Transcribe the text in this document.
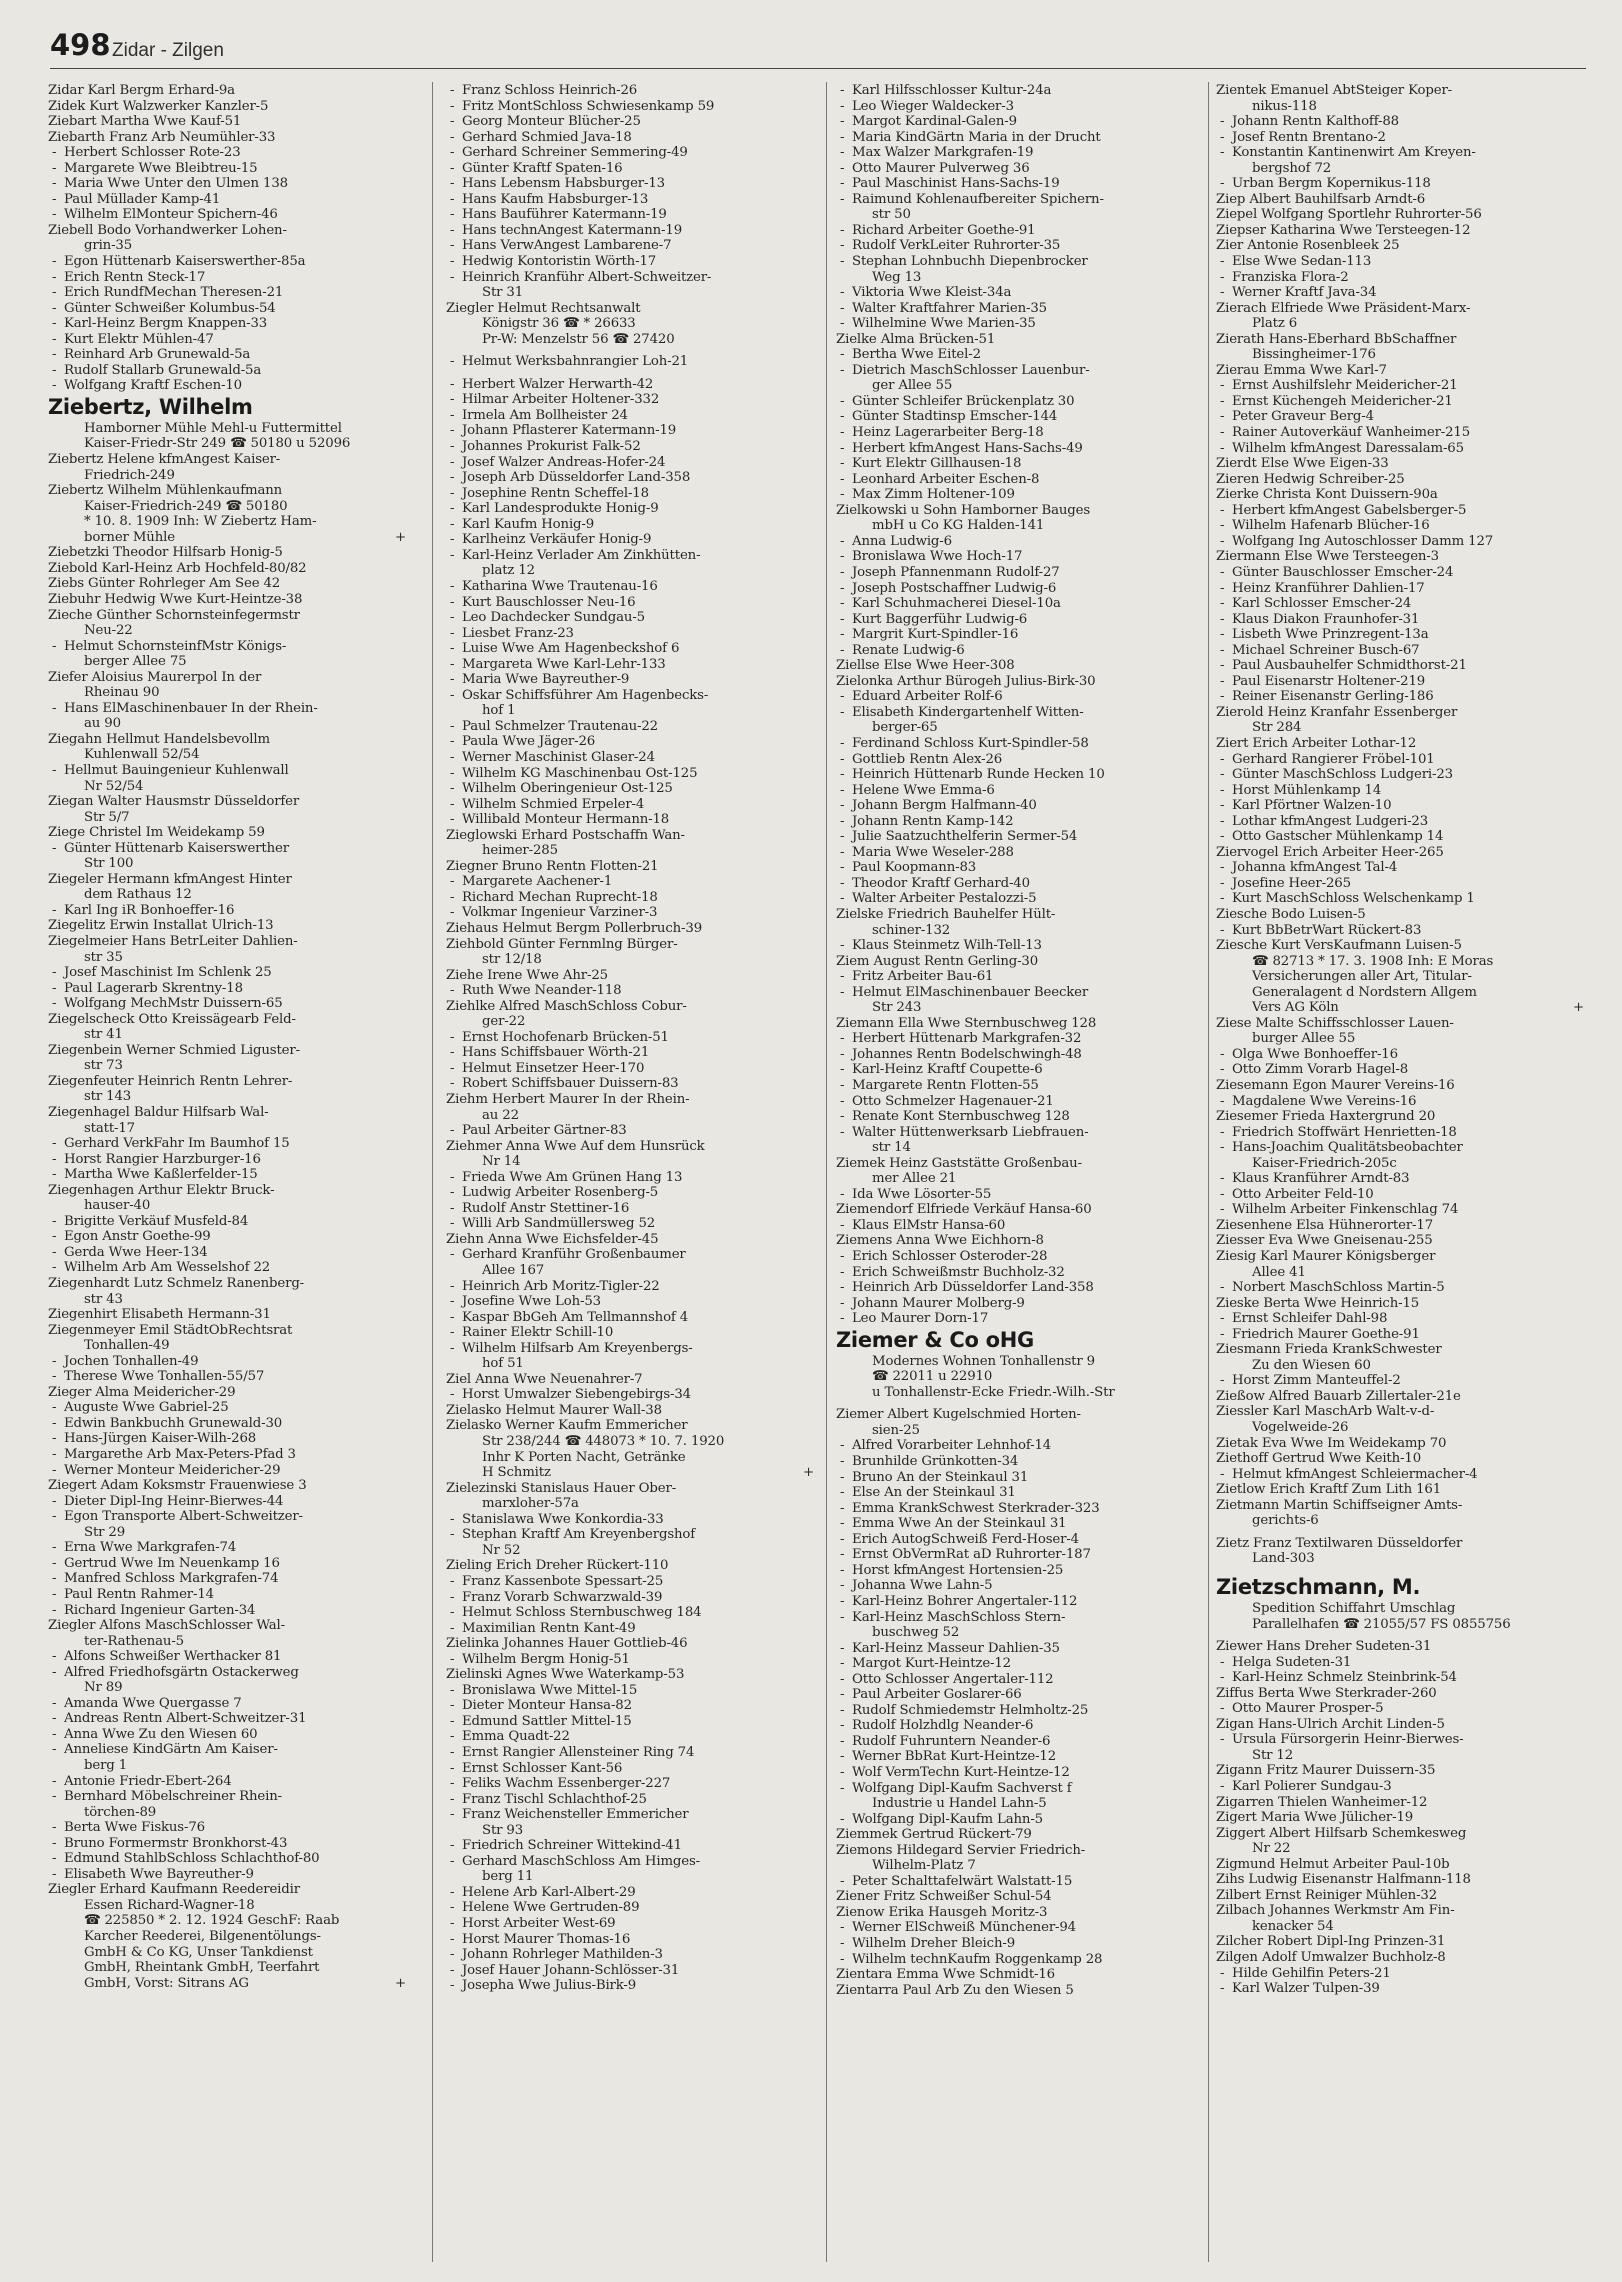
498 Zidar - Zilgen
Zidar Karl Bergm Erhard-9a
Zidek Kurt Walzwerker Kanzler-5
Ziebart Martha Wwe Kauf-51
Ziebarth Franz Arb Neumühler-33
- Herbert Schlosser Rote-23
- Margarete Wwe Bleibtreu-15
- Maria Wwe Unter den Ulmen 138
- Paul Müllader Kamp-41
- Wilhelm ElMonteur Spichern-46
Ziebell Bodo Vorhandwerker Lohen-
grin-35
- Egon Hüttenarb Kaiserswerther-85a
- Erich Rentn Steck-17
- Erich RundfMechan Theresen-21
- Günter Schweißer Kolumbus-54
- Karl-Heinz Bergm Knappen-33
- Kurt Elektr Mühlen-47
- Reinhard Arb Grunewald-5a
- Rudolf Stallarb Grunewald-5a
- Wolfgang Kraftf Eschen-10
Ziebertz, Wilhelm
Hamborner Mühle Mehl-u Futtermittel
Kaiser-Friedr-Str 249 ☎ 50180 u 52096
Ziebertz Helene kfmAngest Kaiser-
Friedrich-249
Ziebertz Wilhelm Mühlenkaufmann
Kaiser-Friedrich-249 ☎ 50180
* 10. 8. 1909 Inh: W Ziebertz Ham-
borner Mühle	+
Ziebetzki Theodor Hilfsarb Honig-5
Ziebold Karl-Heinz Arb Hochfeld-80/82
Ziebs Günter Rohrleger Am See 42
Ziebuhr Hedwig Wwe Kurt-Heintze-38
Zieche Günther Schornsteinfegermstr
Neu-22
- Helmut SchornsteinfMstr Königs-
berger Allee 75
Ziefer Aloisius Maurerpol In der
Rheinau 90
- Hans ElMaschinenbauer In der Rhein-
au 90
Ziegahn Hellmut Handelsbevollm
Kuhlenwall 52/54
- Hellmut Bauingenieur Kuhlenwall
Nr 52/54
Ziegan Walter Hausmstr Düsseldorfer
Str 5/7
Ziege Christel Im Weidekamp 59
- Günter Hüttenarb Kaiserswerther
Str 100
Ziegeler Hermann kfmAngest Hinter
dem Rathaus 12
- Karl Ing iR Bonhoeffer-16
Ziegelitz Erwin Installat Ulrich-13
Ziegelmeier Hans BetrLeiter Dahlien-
str 35
- Josef Maschinist Im Schlenk 25
- Paul Lagerarb Skrentny-18
- Wolfgang MechMstr Duissern-65
Ziegelscheck Otto Kreissägearb Feld-
str 41
Ziegenbein Werner Schmied Liguster-
str 73
Ziegenfeuter Heinrich Rentn Lehrer-
str 143
Ziegenhagel Baldur Hilfsarb Wal-
statt-17
- Gerhard VerkFahr Im Baumhof 15
- Horst Rangier Harzburger-16
- Martha Wwe Kaßlerfelder-15
Ziegenhagen Arthur Elektr Bruck-
hauser-40
- Brigitte Verkäuf Musfeld-84
- Egon Anstr Goethe-99
- Gerda Wwe Heer-134
- Wilhelm Arb Am Wesselshof 22
Ziegenhardt Lutz Schmelz Ranenberg-
str 43
Ziegenhirt Elisabeth Hermann-31
Ziegenmeyer Emil StädtObRechtsrat
Tonhallen-49
- Jochen Tonhallen-49
- Therese Wwe Tonhallen-55/57
Zieger Alma Meidericher-29
- Auguste Wwe Gabriel-25
- Edwin Bankbuchh Grunewald-30
- Hans-Jürgen Kaiser-Wilh-268
- Margarethe Arb Max-Peters-Pfad 3
- Werner Monteur Meidericher-29
Ziegert Adam Koksmstr Frauenwiese 3
- Dieter Dipl-Ing Heinr-Bierwes-44
- Egon Transporte Albert-Schweitzer-
Str 29
- Erna Wwe Markgrafen-74
- Gertrud Wwe Im Neuenkamp 16
- Manfred Schloss Markgrafen-74
- Paul Rentn Rahmer-14
- Richard Ingenieur Garten-34
Ziegler Alfons MaschSchlosser Wal-
ter-Rathenau-5
- Alfons Schweißer Werthacker 81
- Alfred Friedhofsgärtn Ostackerweg
Nr 89
- Amanda Wwe Quergasse 7
- Andreas Rentn Albert-Schweitzer-31
- Anna Wwe Zu den Wiesen 60
- Anneliese KindGärtn Am Kaiser-
berg 1
- Antonie Friedr-Ebert-264
- Bernhard Möbelschreiner Rhein-
törchen-89
- Berta Wwe Fiskus-76
- Bruno Formermstr Bronkhorst-43
- Edmund StahlbSchloss Schlachthof-80
- Elisabeth Wwe Bayreuther-9
Ziegler Erhard Kaufmann Reedereidir
Essen Richard-Wagner-18
☎ 225850 * 2. 12. 1924 GeschF: Raab
Karcher Reederei, Bilgenentölungs-
GmbH & Co KG, Unser Tankdienst
GmbH, Rheintank GmbH, Teerfahrt
GmbH, Vorst: Sitrans AG	+
- Franz Schloss Heinrich-26
- Fritz MontSchloss Schwiesenkamp 59
- Georg Monteur Blücher-25
- Gerhard Schmied Java-18
- Gerhard Schreiner Semmering-49
- Günter Kraftf Spaten-16
- Hans Lebensm Habsburger-13
- Hans Kaufm Habsburger-13
- Hans Bauführer Katermann-19
- Hans technAngest Katermann-19
- Hans VerwAngest Lambarene-7
- Hedwig Kontoristin Wörth-17
- Heinrich Kranführ Albert-Schweitzer-
Str 31
Ziegler Helmut Rechtsanwalt
Königstr 36 ☎ * 26633
Pr-W: Menzelstr 56 ☎ 27420
- Helmut Werksbahnrangier Loh-21
- Herbert Walzer Herwarth-42
- Hilmar Arbeiter Holtener-332
- Irmela Am Bollheister 24
- Johann Pflasterer Katermann-19
- Johannes Prokurist Falk-52
- Josef Walzer Andreas-Hofer-24
- Joseph Arb Düsseldorfer Land-358
- Josephine Rentn Scheffel-18
- Karl Landesprodukte Honig-9
- Karl Kaufm Honig-9
- Karlheinz Verkäufer Honig-9
- Karl-Heinz Verlader Am Zinkhütten-
platz 12
- Katharina Wwe Trautenau-16
- Kurt Bauschlosser Neu-16
- Leo Dachdecker Sundgau-5
- Liesbet Franz-23
- Luise Wwe Am Hagenbeckshof 6
- Margareta Wwe Karl-Lehr-133
- Maria Wwe Bayreuther-9
- Oskar Schiffsführer Am Hagenbecks-
hof 1
- Paul Schmelzer Trautenau-22
- Paula Wwe Jäger-26
- Werner Maschinist Glaser-24
- Wilhelm KG Maschinenbau Ost-125
- Wilhelm Oberingenieur Ost-125
- Wilhelm Schmied Erpeler-4
- Willibald Monteur Hermann-18
Zieglowski Erhard Postschaffn Wan-
heimer-285
Ziegner Bruno Rentn Flotten-21
- Margarete Aachener-1
- Richard Mechan Ruprecht-18
- Volkmar Ingenieur Varziner-3
Ziehaus Helmut Bergm Pollerbruch-39
Ziehbold Günter Fernmlng Bürger-
str 12/18
Ziehe Irene Wwe Ahr-25
- Ruth Wwe Neander-118
Ziehlke Alfred MaschSchloss Cobur-
ger-22
- Ernst Hochofenarb Brücken-51
- Hans Schiffsbauer Wörth-21
- Helmut Einsetzer Heer-170
- Robert Schiffsbauer Duissern-83
Ziehm Herbert Maurer In der Rhein-
au 22
- Paul Arbeiter Gärtner-83
Ziehmer Anna Wwe Auf dem Hunsrück
Nr 14
- Frieda Wwe Am Grünen Hang 13
- Ludwig Arbeiter Rosenberg-5
- Rudolf Anstr Stettiner-16
- Willi Arb Sandmüllersweg 52
Ziehn Anna Wwe Eichsfelder-45
- Gerhard Kranführ Großenbaumer
Allee 167
- Heinrich Arb Moritz-Tigler-22
- Josefine Wwe Loh-53
- Kaspar BbGeh Am Tellmannshof 4
- Rainer Elektr Schill-10
- Wilhelm Hilfsarb Am Kreyenbergs-
hof 51
Ziel Anna Wwe Neuenahrer-7
- Horst Umwalzer Siebengebirgs-34
Zielasko Helmut Maurer Wall-38
Zielasko Werner Kaufm Emmericher
Str 238/244 ☎ 448073 * 10. 7. 1920
Inhr K Porten Nacht, Getränke
H Schmitz	+
Zielezinski Stanislaus Hauer Ober-
marxloher-57a
- Stanislawa Wwe Konkordia-33
- Stephan Kraftf Am Kreyenbergshof
Nr 52
Zieling Erich Dreher Rückert-110
- Franz Kassenbote Spessart-25
- Franz Vorarb Schwarzwald-39
- Helmut Schloss Sternbuschweg 184
- Maximilian Rentn Kant-49
Zielinka Johannes Hauer Gottlieb-46
- Wilhelm Bergm Honig-51
Zielinski Agnes Wwe Waterkamp-53
- Bronislawa Wwe Mittel-15
- Dieter Monteur Hansa-82
- Edmund Sattler Mittel-15
- Emma Quadt-22
- Ernst Rangier Allensteiner Ring 74
- Ernst Schlosser Kant-56
- Feliks Wachm Essenberger-227
- Franz Tischl Schlachthof-25
- Franz Weichensteller Emmericher
Str 93
- Friedrich Schreiner Wittekind-41
- Gerhard MaschSchloss Am Himges-
berg 11
- Helene Arb Karl-Albert-29
- Helene Wwe Gertruden-89
- Horst Arbeiter West-69
- Horst Maurer Thomas-16
- Johann Rohrleger Mathilden-3
- Josef Hauer Johann-Schlösser-31
- Josepha Wwe Julius-Birk-9
- Karl Hilfsschlosser Kultur-24a
- Leo Wieger Waldecker-3
- Margot Kardinal-Galen-9
- Maria KindGärtn Maria in der Drucht
- Max Walzer Markgrafen-19
- Otto Maurer Pulverweg 36
- Paul Maschinist Hans-Sachs-19
- Raimund Kohlenaufbereiter Spichern-
str 50
- Richard Arbeiter Goethe-91
- Rudolf VerkLeiter Ruhrorter-35
- Stephan Lohnbuchh Diepenbrocker
Weg 13
- Viktoria Wwe Kleist-34a
- Walter Kraftfahrer Marien-35
- Wilhelmine Wwe Marien-35
Zielke Alma Brücken-51
- Bertha Wwe Eitel-2
- Dietrich MaschSchlosser Lauenbur-
ger Allee 55
- Günter Schleifer Brückenplatz 30
- Günter Stadtinsp Emscher-144
- Heinz Lagerarbeiter Berg-18
- Herbert kfmAngest Hans-Sachs-49
- Kurt Elektr Gillhausen-18
- Leonhard Arbeiter Eschen-8
- Max Zimm Holtener-109
Zielkowski u Sohn Hamborner Bauges
mbH u Co KG Halden-141
- Anna Ludwig-6
- Bronislawa Wwe Hoch-17
- Joseph Pfannenmann Rudolf-27
- Joseph Postschaffner Ludwig-6
- Karl Schuhmacherei Diesel-10a
- Kurt Baggerführ Ludwig-6
- Margrit Kurt-Spindler-16
- Renate Ludwig-6
Ziellse Else Wwe Heer-308
Zielonka Arthur Bürogeh Julius-Birk-30
- Eduard Arbeiter Rolf-6
- Elisabeth Kindergartenhelf Witten-
berger-65
- Ferdinand Schloss Kurt-Spindler-58
- Gottlieb Rentn Alex-26
- Heinrich Hüttenarb Runde Hecken 10
- Helene Wwe Emma-6
- Johann Bergm Halfmann-40
- Johann Rentn Kamp-142
- Julie Saatzuchthelferin Sermer-54
- Maria Wwe Weseler-288
- Paul Koopmann-83
- Theodor Kraftf Gerhard-40
- Walter Arbeiter Pestalozzi-5
Zielske Friedrich Bauhelfer Hült-
schiner-132
- Klaus Steinmetz Wilh-Tell-13
Ziem August Rentn Gerling-30
- Fritz Arbeiter Bau-61
- Helmut ElMaschinenbauer Beecker
Str 243
Ziemann Ella Wwe Sternbuschweg 128
- Herbert Hüttenarb Markgrafen-32
- Johannes Rentn Bodelschwingh-48
- Karl-Heinz Kraftf Coupette-6
- Margarete Rentn Flotten-55
- Otto Schmelzer Hagenauer-21
- Renate Kont Sternbuschweg 128
- Walter Hüttenwerksarb Liebfrauen-
str 14
Ziemek Heinz Gaststätte Großenbau-
mer Allee 21
- Ida Wwe Lösorter-55
Ziemendorf Elfriede Verkäuf Hansa-60
- Klaus ElMstr Hansa-60
Ziemens Anna Wwe Eichhorn-8
- Erich Schlosser Osteroder-28
- Erich Schweißmstr Buchholz-32
- Heinrich Arb Düsseldorfer Land-358
- Johann Maurer Molberg-9
- Leo Maurer Dorn-17
Ziemer & Co oHG
Modernes Wohnen Tonhallenstr 9
☎ 22011 u 22910
u Tonhallenstr-Ecke Friedr.-Wilh.-Str
Ziemer Albert Kugelschmied Horten-
sien-25
- Alfred Vorarbeiter Lehnhof-14
- Brunhilde Grünkotten-34
- Bruno An der Steinkaul 31
- Else An der Steinkaul 31
- Emma KrankSchwest Sterkrader-323
- Emma Wwe An der Steinkaul 31
- Erich AutogSchweiß Ferd-Hoser-4
- Ernst ObVermRat aD Ruhrorter-187
- Horst kfmAngest Hortensien-25
- Johanna Wwe Lahn-5
- Karl-Heinz Bohrer Angertaler-112
- Karl-Heinz MaschSchloss Stern-
buschweg 52
- Karl-Heinz Masseur Dahlien-35
- Margot Kurt-Heintze-12
- Otto Schlosser Angertaler-112
- Paul Arbeiter Goslarer-66
- Rudolf Schmiedemstr Helmholtz-25
- Rudolf Holzhdlg Neander-6
- Rudolf Fuhruntern Neander-6
- Werner BbRat Kurt-Heintze-12
- Wolf VermTechn Kurt-Heintze-12
- Wolfgang Dipl-Kaufm Sachverst f
Industrie u Handel Lahn-5
- Wolfgang Dipl-Kaufm Lahn-5
Ziemmek Gertrud Rückert-79
Ziemons Hildegard Servier Friedrich-
Wilhelm-Platz 7
- Peter Schalttafelwärt Walstatt-15
Ziener Fritz Schweißer Schul-54
Zienow Erika Hausgeh Moritz-3
- Werner ElSchweiß Münchener-94
- Wilhelm Dreher Bleich-9
- Wilhelm technKaufm Roggenkamp 28
Zientara Emma Wwe Schmidt-16
Zientarra Paul Arb Zu den Wiesen 5
Zientek Emanuel AbtSteiger Koper-
nikus-118
- Johann Rentn Kalthoff-88
- Josef Rentn Brentano-2
- Konstantin Kantinenwirt Am Kreyen-
bergshof 72
- Urban Bergm Kopernikus-118
Ziep Albert Bauhilfsarb Arndt-6
Ziepel Wolfgang Sportlehr Ruhrorter-56
Ziepser Katharina Wwe Tersteegen-12
Zier Antonie Rosenbleek 25
- Else Wwe Sedan-113
- Franziska Flora-2
- Werner Kraftf Java-34
Zierach Elfriede Wwe Präsident-Marx-
Platz 6
Zierath Hans-Eberhard BbSchaffner
Bissingheimer-176
Zierau Emma Wwe Karl-7
- Ernst Aushilfslehr Meidericher-21
- Ernst Küchengeh Meidericher-21
- Peter Graveur Berg-4
- Rainer Autoverkäuf Wanheimer-215
- Wilhelm kfmAngest Daressalam-65
Zierdt Else Wwe Eigen-33
Zieren Hedwig Schreiber-25
Zierke Christa Kont Duissern-90a
- Herbert kfmAngest Gabelsberger-5
- Wilhelm Hafenarb Blücher-16
- Wolfgang Ing Autoschlosser Damm 127
Ziermann Else Wwe Tersteegen-3
- Günter Bauschlosser Emscher-24
- Heinz Kranführer Dahlien-17
- Karl Schlosser Emscher-24
- Klaus Diakon Fraunhofer-31
- Lisbeth Wwe Prinzregent-13a
- Michael Schreiner Busch-67
- Paul Ausbauhelfer Schmidthorst-21
- Paul Eisenarstr Holtener-219
- Reiner Eisenanstr Gerling-186
Zierold Heinz Kranfahr Essenberger
Str 284
Ziert Erich Arbeiter Lothar-12
- Gerhard Rangierer Fröbel-101
- Günter MaschSchloss Ludgeri-23
- Horst Mühlenkamp 14
- Karl Pförtner Walzen-10
- Lothar kfmAngest Ludgeri-23
- Otto Gastscher Mühlenkamp 14
Ziervogel Erich Arbeiter Heer-265
- Johanna kfmAngest Tal-4
- Josefine Heer-265
- Kurt MaschSchloss Welschenkamp 1
Ziesche Bodo Luisen-5
- Kurt BbBetrWart Rückert-83
Ziesche Kurt VersKaufmann Luisen-5
☎ 82713 * 17. 3. 1908 Inh: E Moras
Versicherungen aller Art, Titular-
Generalagent d Nordstern Allgem
Vers AG Köln	+
Ziese Malte Schiffsschlosser Lauen-
burger Allee 55
- Olga Wwe Bonhoeffer-16
- Otto Zimm Vorarb Hagel-8
Ziesemann Egon Maurer Vereins-16
- Magdalene Wwe Vereins-16
Ziesemer Frieda Haxtergrund 20
- Friedrich Stoffwärt Henrietten-18
- Hans-Joachim Qualitätsbeobachter
Kaiser-Friedrich-205c
- Klaus Kranführer Arndt-83
- Otto Arbeiter Feld-10
- Wilhelm Arbeiter Finkenschlag 74
Ziesenhene Elsa Hühnerorter-17
Ziesser Eva Wwe Gneisenau-255
Ziesig Karl Maurer Königsberger
Allee 41
- Norbert MaschSchloss Martin-5
Zieske Berta Wwe Heinrich-15
- Ernst Schleifer Dahl-98
- Friedrich Maurer Goethe-91
Ziesmann Frieda KrankSchwester
Zu den Wiesen 60
- Horst Zimm Manteuffel-2
Zießow Alfred Bauarb Zillertaler-21e
Ziessler Karl MaschArb Walt-v-d-
Vogelweide-26
Zietak Eva Wwe Im Weidekamp 70
Ziethoff Gertrud Wwe Keith-10
- Helmut kfmAngest Schleiermacher-4
Zietlow Erich Kraftf Zum Lith 161
Zietmann Martin Schiffseigner Amts-
gerichts-6
Zietz Franz Textilwaren Düsseldorfer
Land-303
Zietzschmann, M.
Spedition Schiffahrt Umschlag
Parallelhafen ☎ 21055/57 FS 0855756
Ziewer Hans Dreher Sudeten-31
- Helga Sudeten-31
- Karl-Heinz Schmelz Steinbrink-54
Ziffus Berta Wwe Sterkrader-260
- Otto Maurer Prosper-5
Zigan Hans-Ulrich Archit Linden-5
- Ursula Fürsorgerin Heinr-Bierwes-
Str 12
Zigann Fritz Maurer Duissern-35
- Karl Polierer Sundgau-3
Zigarren Thielen Wanheimer-12
Zigert Maria Wwe Jülicher-19
Ziggert Albert Hilfsarb Schemkesweg
Nr 22
Zigmund Helmut Arbeiter Paul-10b
Zihs Ludwig Eisenanstr Halfmann-118
Zilbert Ernst Reiniger Mühlen-32
Zilbach Johannes Werkmstr Am Fin-
kenacker 54
Zilcher Robert Dipl-Ing Prinzen-31
Zilgen Adolf Umwalzer Buchholz-8
- Hilde Gehilfin Peters-21
- Karl Walzer Tulpen-39
